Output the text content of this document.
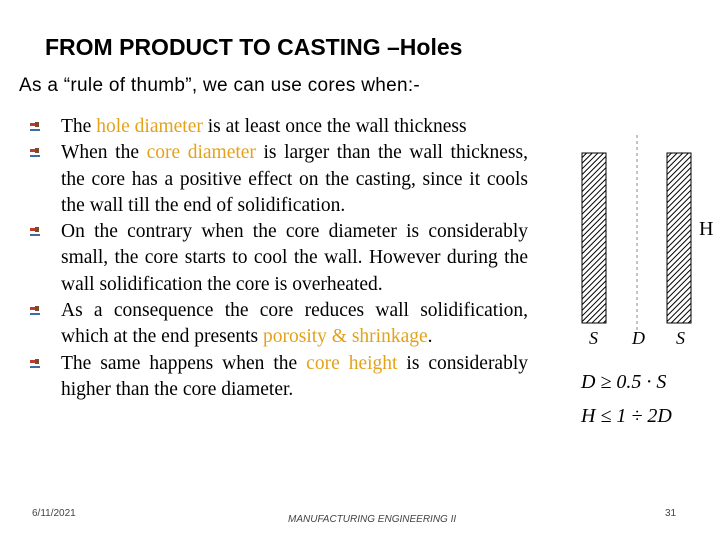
FROM PRODUCT TO CASTING –Holes
As a “rule of thumb”, we can use cores when:-
The hole diameter is at least once the wall thickness
When the core diameter is larger than the wall thickness, the core has a positive effect on the casting, since it cools the wall till the end of solidification.
On the contrary when the core diameter is considerably small, the core starts to cool the wall. However during the wall solidification the core is overheated.
As a consequence the core reduces wall solidification, which at the end presents porosity & shrinkage.
The same happens when the core height is considerably higher than the core diameter.
H
S D S
D ≥ 0.5 · S
H ≤ 1 ÷ 2D
6/11/2021
MANUFACTURING ENGINEERING II
31
